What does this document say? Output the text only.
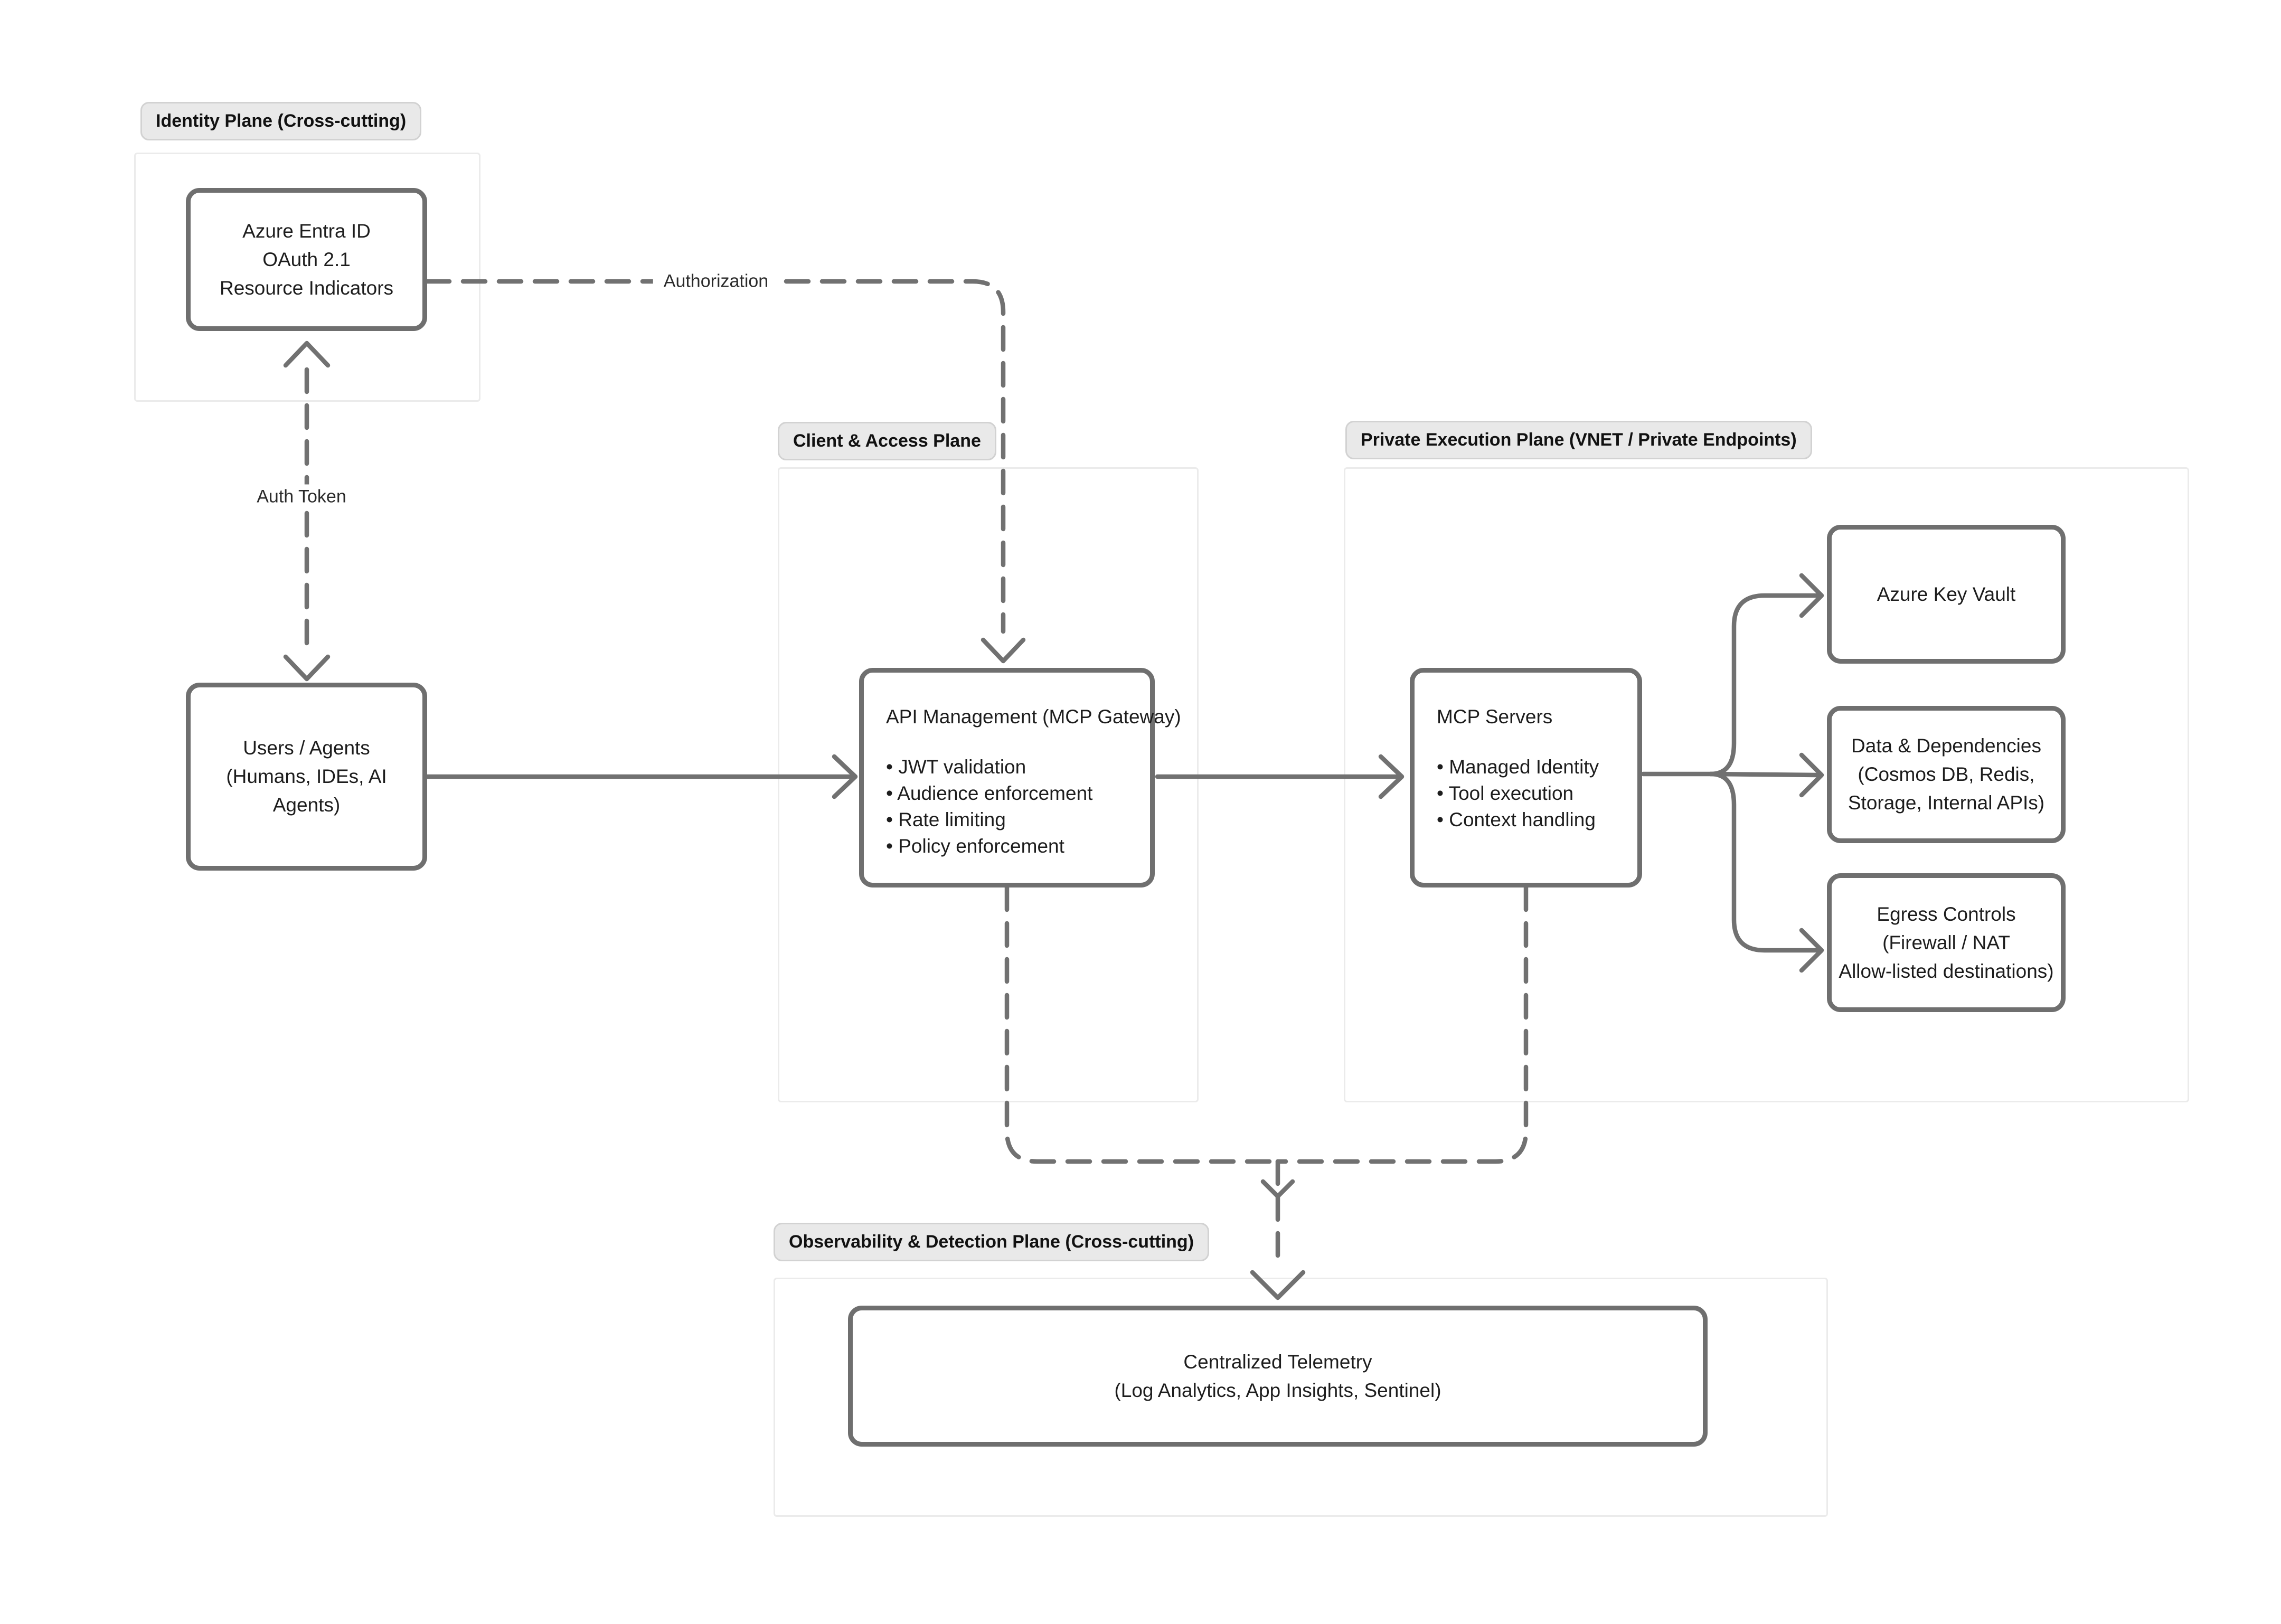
Identity Plane (Cross-cutting)
Client & Access Plane	Private Execution Plane (VNET / Private Endpoints)
Observability & Detection Plane (Cross-cutting)
Azure Entra ID
OAuth 2.1
Resource Indicators
Users / Agents
(Humans, IDEs, AI
Agents)
API Management (MCP Gateway)
• JWT validation
• Audience enforcement
• Rate limiting
• Policy enforcement
MCP Servers
• Managed Identity
• Tool execution
• Context handling
Azure Key Vault
Data & Dependencies
(Cosmos DB, Redis,
Storage, Internal APIs)
Egress Controls
(Firewall / NAT
Allow-listed destinations)
Centralized Telemetry
(Log Analytics, App Insights, Sentinel)
Auth Token
Authorization
